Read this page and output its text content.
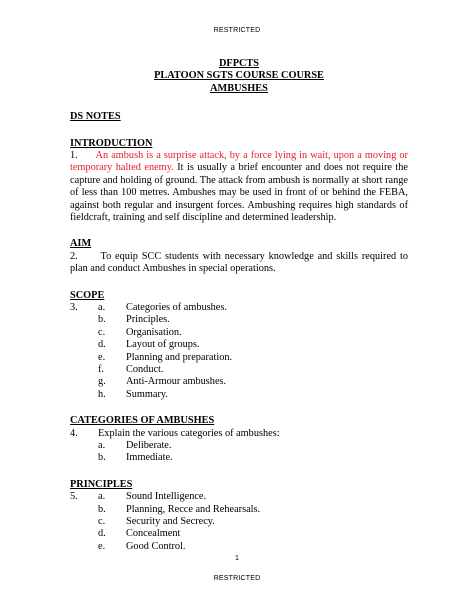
RESTRICTED
DFPCTS
PLATOON SGTS COURSE COURSE
AMBUSHES
DS NOTES
INTRODUCTION
1. An ambush is a surprise attack, by a force lying in wait, upon a moving or temporary halted enemy. It is usually a brief encounter and does not require the capture and holding of ground. The attack from ambush is normally at short range of less than 100 metres. Ambushes may be used in front of or behind the FEBA, against both regular and insurgent forces. Ambushing requires high standards of fieldcraft, training and self discipline and determined leadership.
AIM
2. To equip SCC students with necessary knowledge and skills required to plan and conduct Ambushes in special operations.
SCOPE
3.	a.	Categories of ambushes.
b.	Principles.
c.	Organisation.
d.	Layout of groups.
e.	Planning and preparation.
f.	Conduct.
g.	Anti-Armour ambushes.
h.	Summary.
CATEGORIES OF AMBUSHES
4.	Explain the various categories of ambushes:
a.	Deliberate.
b.	Immediate.
PRINCIPLES
5.	a.	Sound Intelligence.
b.	Planning, Recce and Rehearsals.
c.	Security and Secrecy.
d.	Concealment
e.	Good Control.
1
RESTRICTED
